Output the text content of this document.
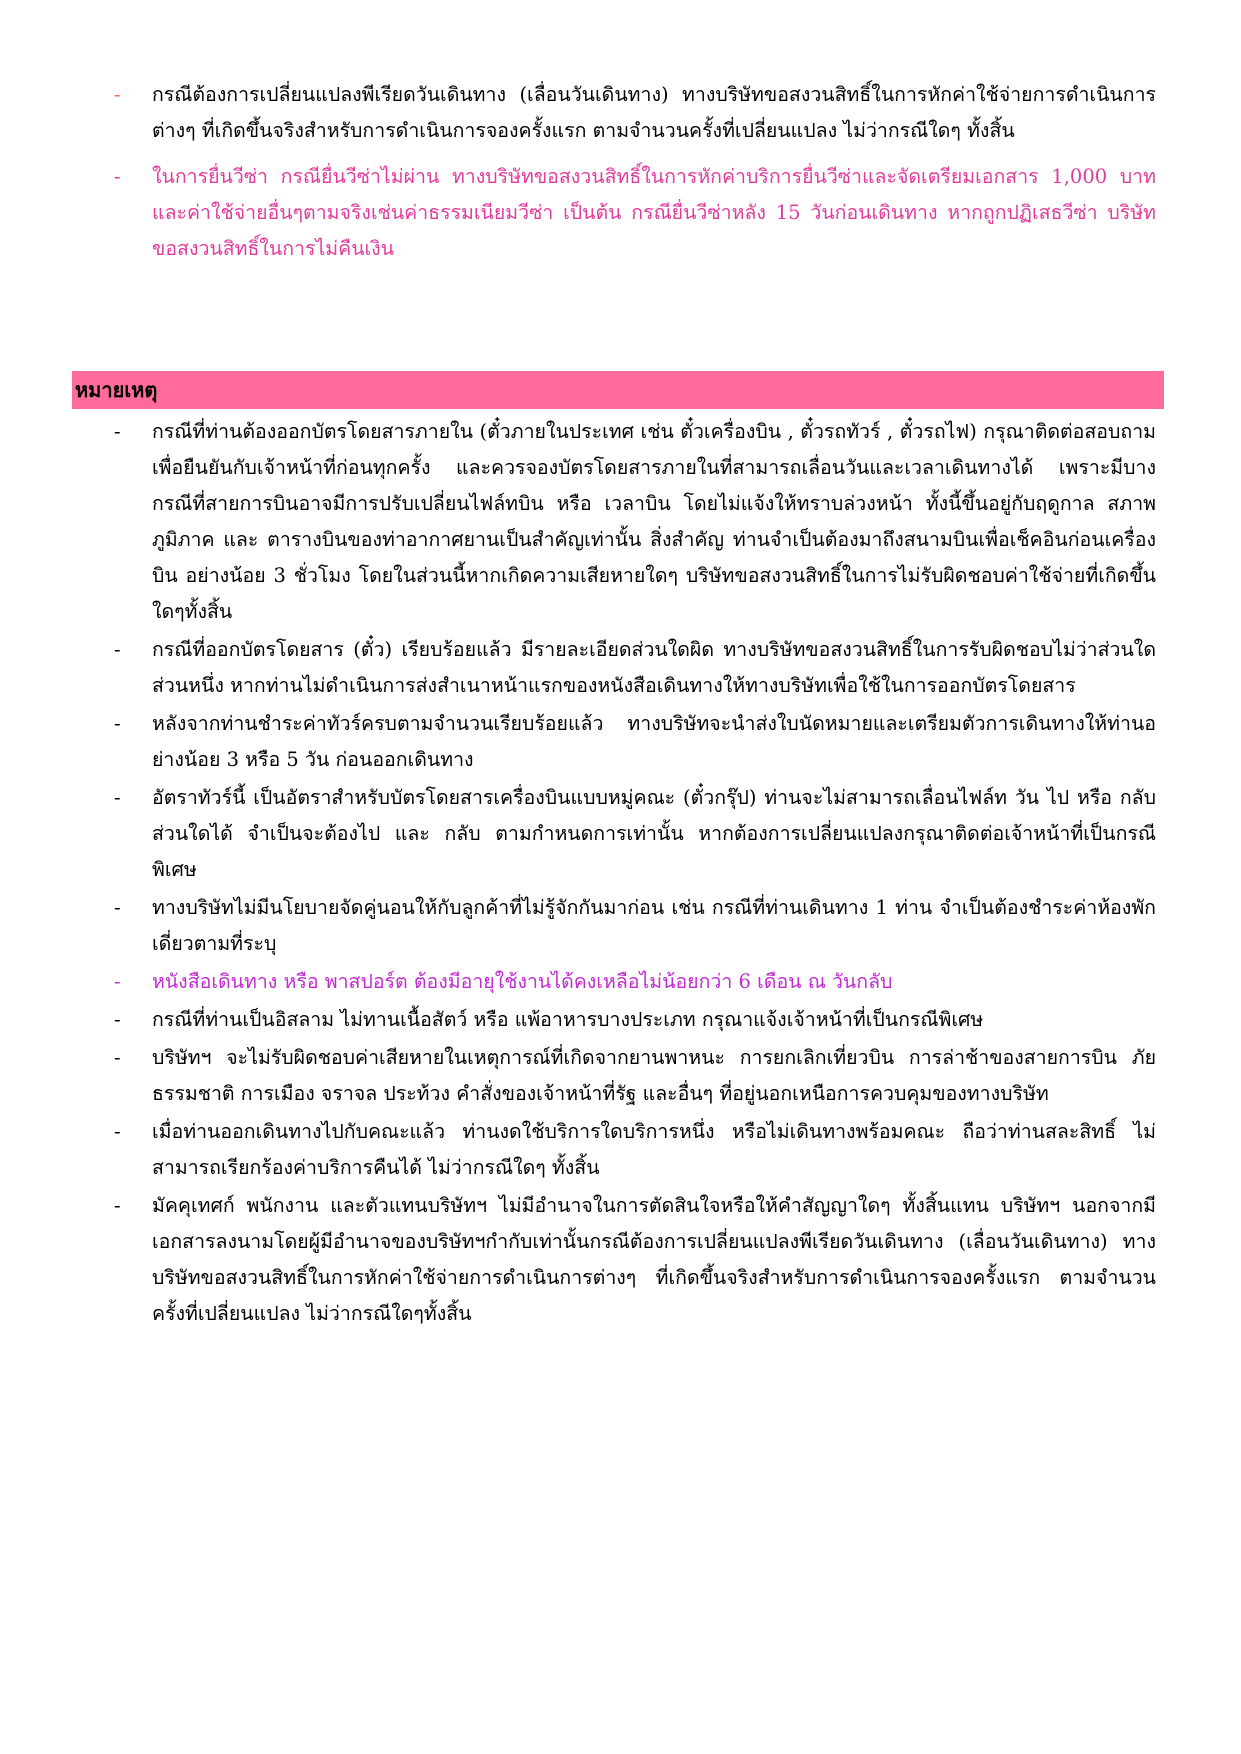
- กรณีต้องการเปลี่ยนแปลงพีเรียดวันเดินทาง (เลื่อนวันเดินทาง) ทางบริษัทขอสงวนสิทธิ์ในการหักค่าใช้จ่ายการดำเนินการต่างๆ ที่เกิดขึ้นจริงสำหรับการดำเนินการจองครั้งแรก ตามจำนวนครั้งที่เปลี่ยนแปลง ไม่ว่ากรณีใดๆ ทั้งสิ้น
- ในการยื่นวีซ่า กรณียื่นวีซ่าไม่ผ่าน ทางบริษัทขอสงวนสิทธิ์ในการหักค่าบริการยื่นวีซ่าและจัดเตรียมเอกสาร 1,000 บาทและค่าใช้จ่ายอื่นๆตามจริงเช่นค่าธรรมเนียมวีซ่า เป็นต้น กรณียื่นวีซ่าหลัง 15 วันก่อนเดินทาง หากถูกปฏิเสธวีซ่า บริษัทขอสงวนสิทธิ์ในการไม่คืนเงิน
หมายเหตุ
- กรณีที่ท่านต้องออกบัตรโดยสารภายใน (ตั๋วภายในประเทศ เช่น ตั๋วเครื่องบิน , ตั๋วรถทัวร์ , ตั๋วรถไฟ) กรุณาติดต่อสอบถามเพื่อยืนยันกับเจ้าหน้าที่ก่อนทุกครั้ง และควรจองบัตรโดยสารภายในที่สามารถเลื่อนวันและเวลาเดินทางได้ เพราะมีบางกรณีที่สายการบินอาจมีการปรับเปลี่ยนไฟล์ทบิน หรือ เวลาบิน โดยไม่แจ้งให้ทราบล่วงหน้า ทั้งนี้ขึ้นอยู่กับฤดูกาล สภาพภูมิภาค และ ตารางบินของท่าอากาศยานเป็นสำคัญเท่านั้น สิ่งสำคัญ ท่านจำเป็นต้องมาถึงสนามบินเพื่อเช็คอินก่อนเครื่องบิน อย่างน้อย 3 ชั่วโมง โดยในส่วนนี้หากเกิดความเสียหายใดๆ บริษัทขอสงวนสิทธิ์ในการไม่รับผิดชอบค่าใช้จ่ายที่เกิดขึ้นใดๆทั้งสิ้น
- กรณีที่ออกบัตรโดยสาร (ตั๋ว) เรียบร้อยแล้ว มีรายละเอียดส่วนใดผิด ทางบริษัทขอสงวนสิทธิ์ในการรับผิดชอบไม่ว่าส่วนใดส่วนหนึ่ง หากท่านไม่ดำเนินการส่งสำเนาหน้าแรกของหนังสือเดินทางให้ทางบริษัทเพื่อใช้ในการออกบัตรโดยสาร
- หลังจากท่านชำระค่าทัวร์ครบตามจำนวนเรียบร้อยแล้ว ทางบริษัทจะนำส่งใบนัดหมายและเตรียมตัวการเดินทางให้ท่านอย่างน้อย 3 หรือ 5 วัน ก่อนออกเดินทาง
- อัตราทัวร์นี้ เป็นอัตราสำหรับบัตรโดยสารเครื่องบินแบบหมู่คณะ (ตั๋วกรุ๊ป) ท่านจะไม่สามารถเลื่อนไฟล์ท วัน ไป หรือ กลับส่วนใดได้ จำเป็นจะต้องไป และ กลับ ตามกำหนดการเท่านั้น หากต้องการเปลี่ยนแปลงกรุณาติดต่อเจ้าหน้าที่เป็นกรณีพิเศษ
- ทางบริษัทไม่มีนโยบายจัดคู่นอนให้กับลูกค้าที่ไม่รู้จักกันมาก่อน เช่น กรณีที่ท่านเดินทาง 1 ท่าน จำเป็นต้องชำระค่าห้องพักเดี่ยวตามที่ระบุ
- หนังสือเดินทาง หรือ พาสปอร์ต ต้องมีอายุใช้งานได้คงเหลือไม่น้อยกว่า 6 เดือน ณ วันกลับ
- กรณีที่ท่านเป็นอิสลาม ไม่ทานเนื้อสัตว์ หรือ แพ้อาหารบางประเภท กรุณาแจ้งเจ้าหน้าที่เป็นกรณีพิเศษ
- บริษัทฯ จะไม่รับผิดชอบค่าเสียหายในเหตุการณ์ที่เกิดจากยานพาหนะ การยกเลิกเที่ยวบิน การล่าช้าของสายการบิน ภัยธรรมชาติ การเมือง จราจล ประท้วง คำสั่งของเจ้าหน้าที่รัฐ และอื่นๆ ที่อยู่นอกเหนือการควบคุมของทางบริษัท
- เมื่อท่านออกเดินทางไปกับคณะแล้ว ท่านงดใช้บริการใดบริการหนึ่ง หรือไม่เดินทางพร้อมคณะ ถือว่าท่านสละสิทธิ์ ไม่สามารถเรียกร้องค่าบริการคืนได้ ไม่ว่ากรณีใดๆ ทั้งสิ้น
- มัคคุเทศก์ พนักงาน และตัวแทนบริษัทฯ ไม่มีอำนาจในการตัดสินใจหรือให้คำสัญญาใดๆ ทั้งสิ้นแทน บริษัทฯ นอกจากมีเอกสารลงนามโดยผู้มีอำนาจของบริษัทฯกำกับเท่านั้นกรณีต้องการเปลี่ยนแปลงพีเรียดวันเดินทาง (เลื่อนวันเดินทาง) ทางบริษัทขอสงวนสิทธิ์ในการหักค่าใช้จ่ายการดำเนินการต่างๆ ที่เกิดขึ้นจริงสำหรับการดำเนินการจองครั้งแรก ตามจำนวนครั้งที่เปลี่ยนแปลง ไม่ว่ากรณีใดๆทั้งสิ้น
